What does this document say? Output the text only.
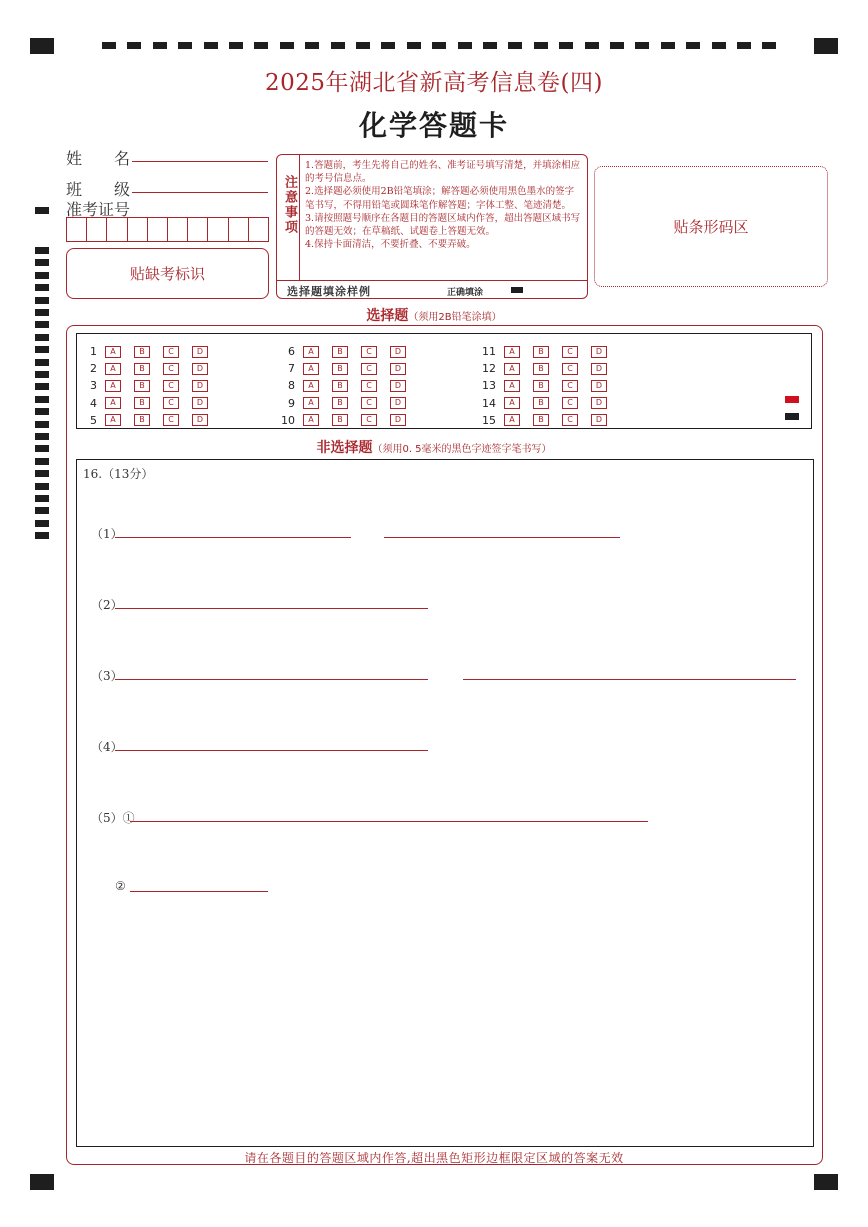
2025年湖北省新高考信息卷(四)
化学答题卡
姓　　名
班　　级
准考证号
贴缺考标识
注意事项
1.答题前，考生先将自己的姓名、准考证号填写清楚，并填涂相应的考号信息点。
2.选择题必须使用2B铅笔填涂；解答题必须使用黑色墨水的签字笔书写，不得用铅笔或圆珠笔作解答题；字体工整、笔迹清楚。
3.请按照题号顺序在各题目的答题区域内作答，超出答题区域书写的答题无效；在草稿纸、试题卷上答题无效。
4.保持卡面清洁，不要折叠、不要弄破。
选择题填涂样例	正确填涂
贴条形码区
选择题（须用2B铅笔涂填）
1 A	B	C	D
2 A	B	C	D
3 A	B	C	D
4 A	B	C	D
5 A	B	C	D
6 A	B	C	D
7 A	B	C	D
8 A	B	C	D
9 A	B	C	D
10 A	B	C	D
11 A	B	C	D
12 A	B	C	D
13 A	B	C	D
14 A	B	C	D
15 A	B	C	D
非选择题（须用0. 5毫米的黑色字迹签字笔书写）
16.（13分）
（1）
（2）
（3）
（4）
（5）①
②
请在各题目的答题区域内作答,超出黑色矩形边框限定区域的答案无效
